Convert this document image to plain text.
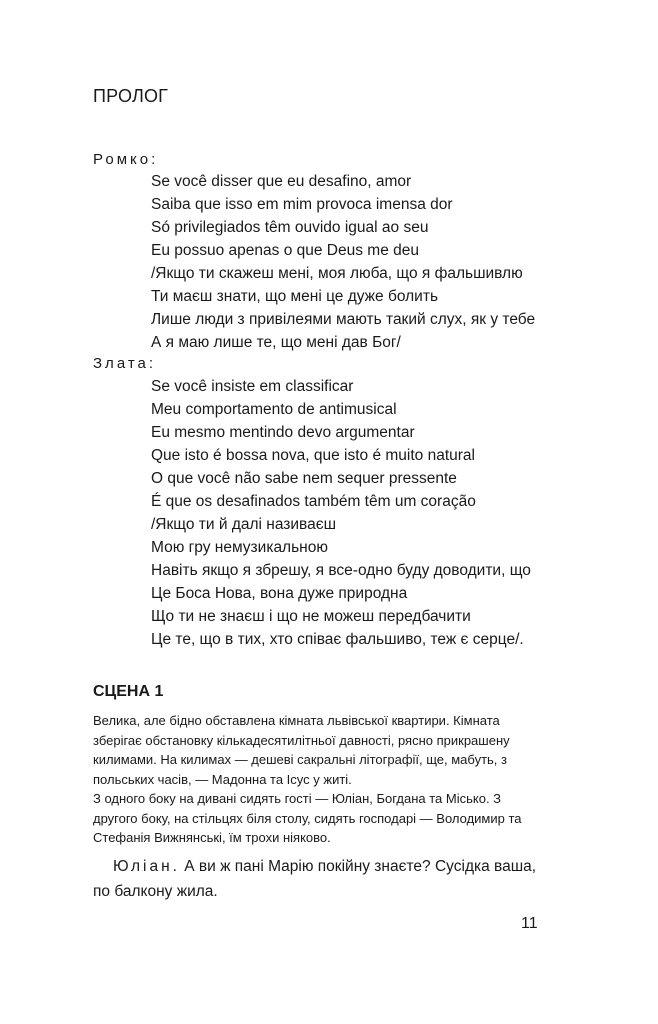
ПРОЛОГ

Ромко:

Se você disser que eu desafino, amor
Saiba que isso em mim provoca imensa dor
Só privilegiados têm ouvido igual ao seu
Eu possuo apenas o que Deus me deu
/Якщо ти скажеш мені, моя люба, що я фальшивлю
Ти маєш знати, що мені це дуже болить
Лише люди з привілеями мають такий слух, як у тебе
А я маю лише те, що мені дав Бог/

Злата:

Se você insiste em classificar
Meu comportamento de antimusical
Eu mesmo mentindo devo argumentar
Que isto é bossa nova, que isto é muito natural
O que você não sabe nem sequer pressente
É que os desafinados também têm um coração
/Якщо ти й далі називаєш
Мою гру немузикальною
Навіть якщо я збрешу, я все-одно буду доводити, що
Це Боса Нова, вона дуже природна
Що ти не знаєш і що не можеш передбачити
Це те, що в тих, хто співає фальшиво, теж є серце/.
СЦЕНА 1

Велика, але бідно обставлена кімната львівської квартири. Кімната зберігає обстановку кількадесятилітньої давності, рясно прикрашену килимами. На килимах — дешеві сакральні літографії, ще, мабуть, з польських часів, — Мадонна та Ісус у житі.

З одного боку на дивані сидять гості — Юліан, Богдана та Місько. З другого боку, на стільцях біля столу, сидять господарі — Володимир та Стефанія Вижнянські, їм трохи ніяково.

Юліан. А ви ж пані Марію покійну знаєте? Сусідка ваша, по балкону жила.

11
